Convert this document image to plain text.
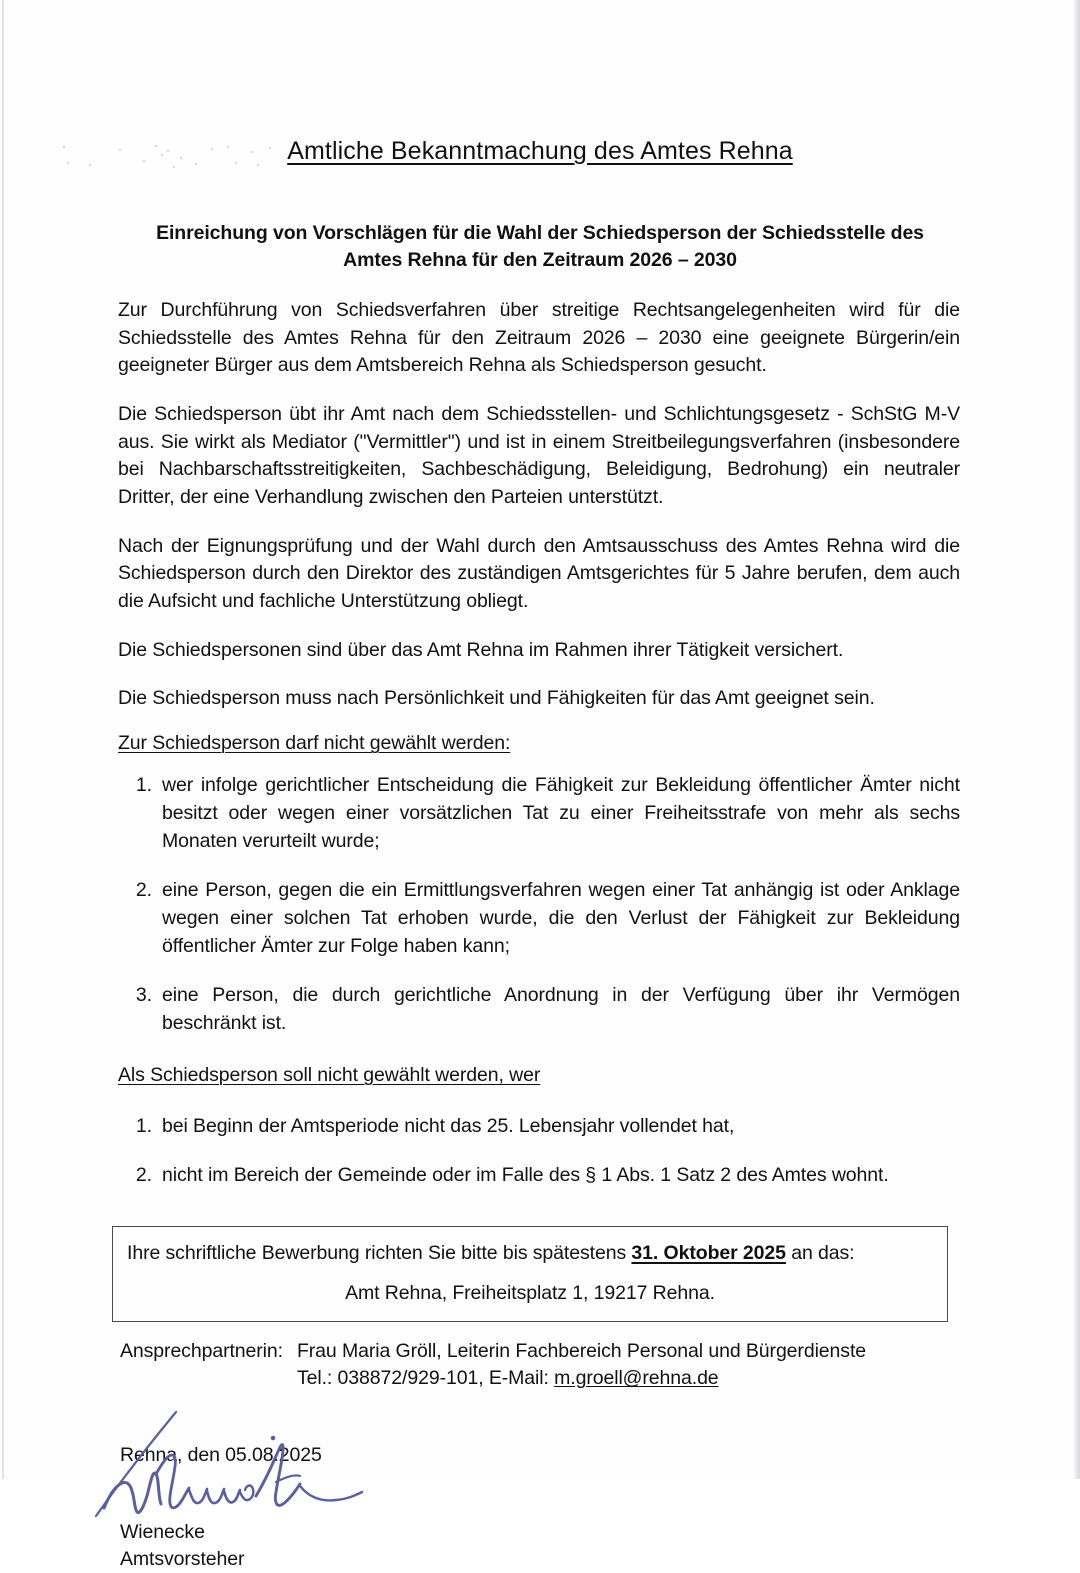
Amtliche Bekanntmachung des Amtes Rehna
Einreichung von Vorschlägen für die Wahl der Schiedsperson der Schiedsstelle des
Amtes Rehna für den Zeitraum 2026 – 2030

Zur Durchführung von Schiedsverfahren über streitige Rechtsangelegenheiten wird für die Schiedsstelle des Amtes Rehna für den Zeitraum 2026 – 2030 eine geeignete Bürgerin/ein geeigneter Bürger aus dem Amtsbereich Rehna als Schiedsperson gesucht.

Die Schiedsperson übt ihr Amt nach dem Schiedsstellen- und Schlichtungsgesetz - SchStG M-V aus. Sie wirkt als Mediator ("Vermittler") und ist in einem Streitbeilegungsverfahren (insbesondere bei Nachbarschaftsstreitigkeiten, Sachbeschädigung, Beleidigung, Bedrohung) ein neutraler Dritter, der eine Verhandlung zwischen den Parteien unterstützt.

Nach der Eignungsprüfung und der Wahl durch den Amtsausschuss des Amtes Rehna wird die Schiedsperson durch den Direktor des zuständigen Amtsgerichtes für 5 Jahre berufen, dem auch die Aufsicht und fachliche Unterstützung obliegt.

Die Schiedspersonen sind über das Amt Rehna im Rahmen ihrer Tätigkeit versichert.

Die Schiedsperson muss nach Persönlichkeit und Fähigkeiten für das Amt geeignet sein.

Zur Schiedsperson darf nicht gewählt werden:
1. wer infolge gerichtlicher Entscheidung die Fähigkeit zur Bekleidung öffentlicher Ämter nicht besitzt oder wegen einer vorsätzlichen Tat zu einer Freiheitsstrafe von mehr als sechs Monaten verurteilt wurde;
2. eine Person, gegen die ein Ermittlungsverfahren wegen einer Tat anhängig ist oder Anklage wegen einer solchen Tat erhoben wurde, die den Verlust der Fähigkeit zur Bekleidung öffentlicher Ämter zur Folge haben kann;
3. eine Person, die durch gerichtliche Anordnung in der Verfügung über ihr Vermögen beschränkt ist.
Als Schiedsperson soll nicht gewählt werden, wer
1. bei Beginn der Amtsperiode nicht das 25. Lebensjahr vollendet hat,
2. nicht im Bereich der Gemeinde oder im Falle des § 1 Abs. 1 Satz 2 des Amtes wohnt.

Ihre schriftliche Bewerbung richten Sie bitte bis spätestens 31. Oktober 2025 an das:

Amt Rehna, Freiheitsplatz 1, 19217 Rehna.

Ansprechpartnerin: Frau Maria Gröll, Leiterin Fachbereich Personal und Bürgerdienste
Tel.: 038872/929-101, E-Mail: m.groell@rehna.de

Rehna, den 05.08.2025

Wienecke

Amtsvorsteher
